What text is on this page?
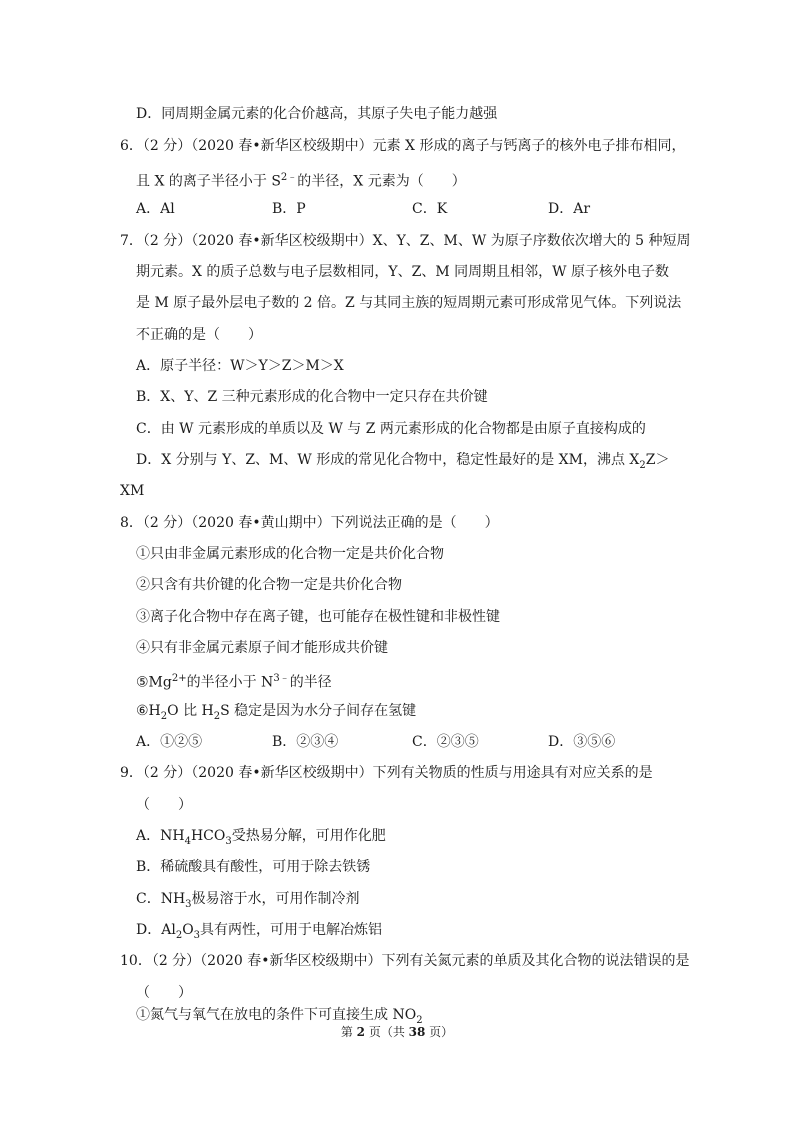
D．同周期金属元素的化合价越高，其原子失电子能力越强
6．（2 分）（2020 春•新华区校级期中）元素 X 形成的离子与钙离子的核外电子排布相同，
且 X 的离子半径小于 $S^{2﹣}$的半径，X 元素为（　　）
A．Al	B．P	C．K	D．Ar
7．（2 分）（2020 春•新华区校级期中）X、Y、Z、M、W 为原子序数依次增大的 5 种短周
期元素。X 的质子总数与电子层数相同，Y、Z、M 同周期且相邻，W 原子核外电子数
是 M 原子最外层电子数的 2 倍。Z 与其同主族的短周期元素可形成常见气体。下列说法
不正确的是（　　）
A．原子半径：W＞Y＞Z＞M＞X
B．X、Y、Z 三种元素形成的化合物中一定只存在共价键
C．由 W 元素形成的单质以及 W 与 Z 两元素形成的化合物都是由原子直接构成的
D．X 分别与 Y、Z、M、W 形成的常见化合物中，稳定性最好的是 XM，沸点 $X_2Z>$
XM
8．（2 分）（2020 春•黄山期中）下列说法正确的是（　　）
①只由非金属元素形成的化合物一定是共价化合物
②只含有共价键的化合物一定是共价化合物
③离子化合物中存在离子键，也可能存在极性键和非极性键
④只有非金属元素原子间才能形成共价键
$⑤Mg^{2+}$的半径小于 $N^{3﹣}$的半径
$⑥H_2O$ 比 $H_2S$ 稳定是因为水分子间存在氢键
A．①②⑤	B．②③④	C．②③⑤	D．③⑤⑥
9．（2 分）（2020 春•新华区校级期中）下列有关物质的性质与用途具有对应关系的是
（　　）
A．$NH_4HCO_3$受热易分解，可用作化肥
B．稀硫酸具有酸性，可用于除去铁锈
C．$NH_3$极易溶于水，可用作制冷剂
D．$Al_2O_3$具有两性，可用于电解冶炼铝
10．（2 分）（2020 春•新华区校级期中）下列有关氮元素的单质及其化合物的说法错误的是
（　　）
①氮气与氧气在放电的条件下可直接生成 $NO_2$
第 2 页（共 38 页）
